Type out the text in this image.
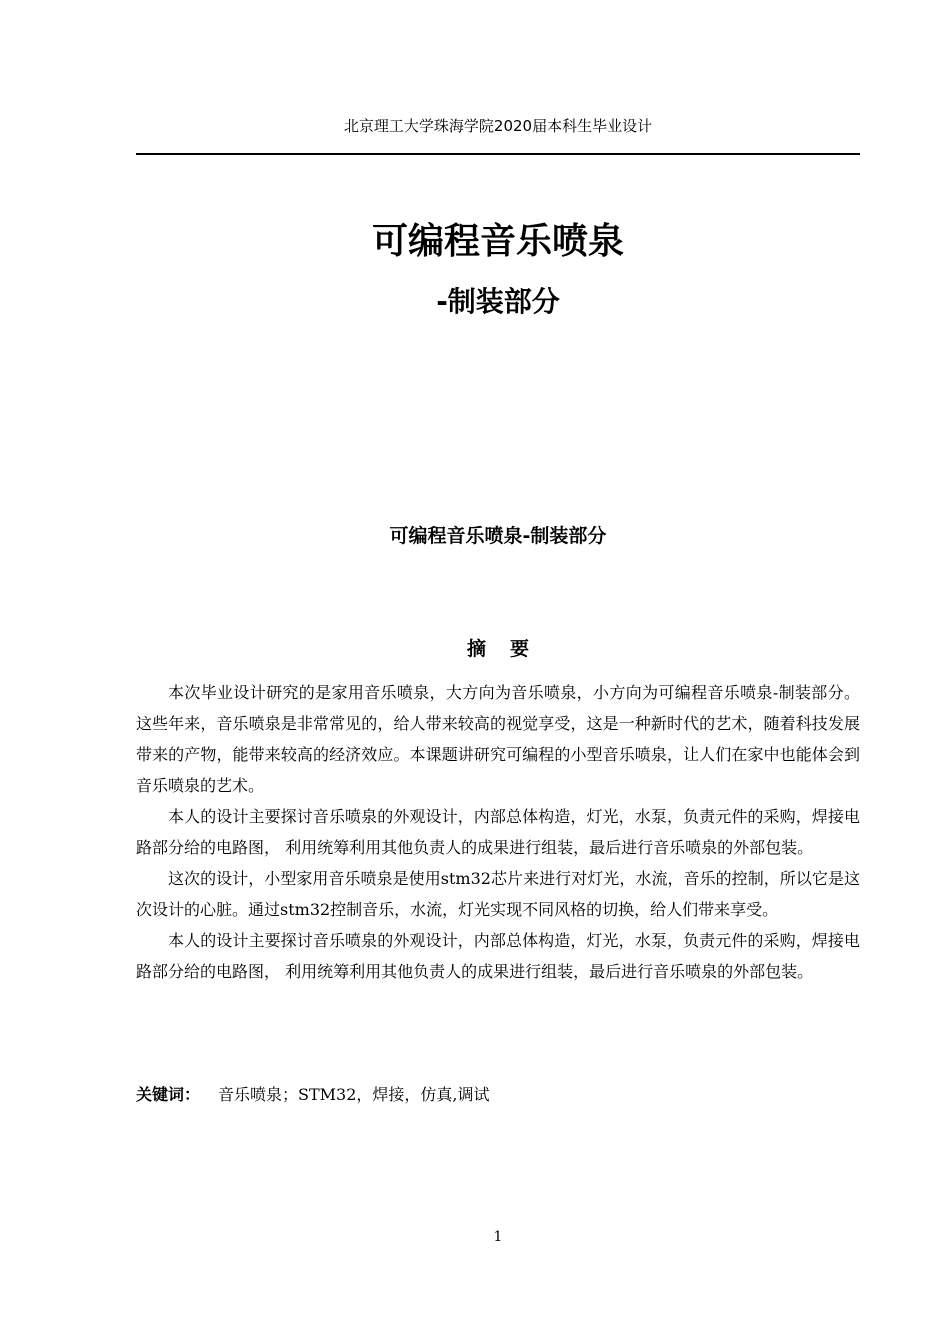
北京理工大学珠海学院2020届本科生毕业设计
可编程音乐喷泉
-制装部分
可编程音乐喷泉-制装部分
摘要

本次毕业设计研究的是家用音乐喷泉，大方向为音乐喷泉，小方向为可编程音乐喷泉-制装部分。这些年来，音乐喷泉是非常常见的，给人带来较高的视觉享受，这是一种新时代的艺术，随着科技发展带来的产物，能带来较高的经济效应。本课题讲研究可编程的小型音乐喷泉，让人们在家中也能体会到音乐喷泉的艺术。

本人的设计主要探讨音乐喷泉的外观设计，内部总体构造，灯光，水泵，负责元件的采购，焊接电路部分给的电路图， 利用统筹利用其他负责人的成果进行组装，最后进行音乐喷泉的外部包装。

这次的设计，小型家用音乐喷泉是使用stm32芯片来进行对灯光，水流，音乐的控制，所以它是这次设计的心脏。通过stm32控制音乐，水流，灯光实现不同风格的切换，给人们带来享受。

本人的设计主要探讨音乐喷泉的外观设计，内部总体构造，灯光，水泵，负责元件的采购，焊接电路部分给的电路图， 利用统筹利用其他负责人的成果进行组装，最后进行音乐喷泉的外部包装。

关键词： 音乐喷泉；STM32，焊接，仿真,调试
1
